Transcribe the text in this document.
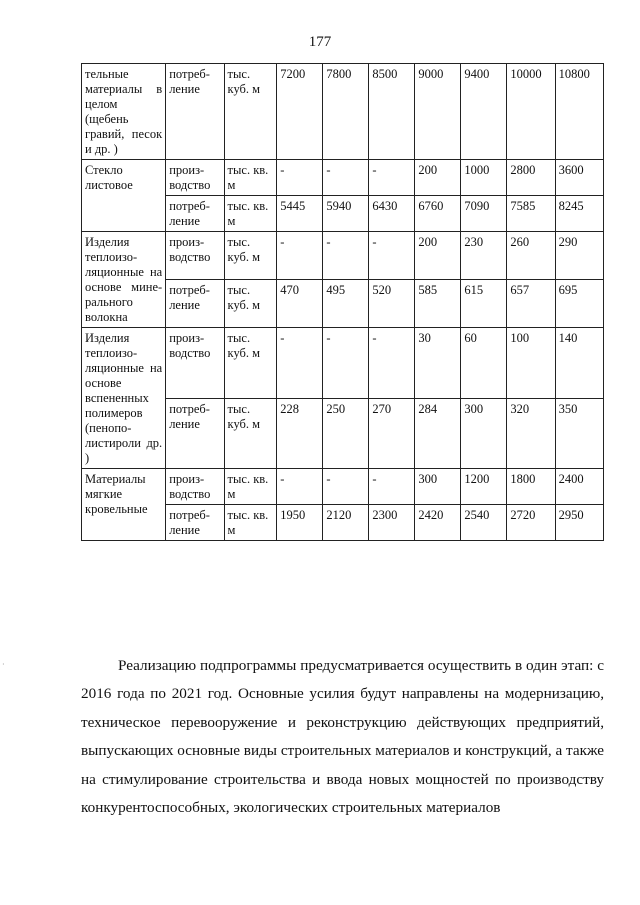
177
тельные материалы в целом (щебень гравий, песок и др. )	потреб-ление	тыс. куб. м	7200	7800	8500	9000	9400	10000	10800
Стекло листовое	произ-водство	тыс. кв. м	-	-	-	200	1000	2800	3600
	потреб-ление	тыс. кв. м	5445	5940	6430	6760	7090	7585	8245
Изделия теплоизо-ляционные на основе мине-рального волокна	произ-водство	тыс. куб. м	-	-	-	200	230	260	290
	потреб-ление	тыс. куб. м	470	495	520	585	615	657	695
Изделия теплоизо-ляционные на основе вспененных полимеров (пенопо-листироли др. )	произ-водство	тыс. куб. м	-	-	-	30	60	100	140
	потреб-ление	тыс. куб. м	228	250	270	284	300	320	350
Материалы мягкие кровельные	произ-водство	тыс. кв. м	-	-	-	300	1200	1800	2400
	потреб-ление	тыс. кв. м	1950	2120	2300	2420	2540	2720	2950

Реализацию подпрограммы предусматривается осуществить в один этап: с 2016 года по 2021 год. Основные усилия будут направлены на модернизацию, техническое перевооружение и реконструкцию действующих предприятий, выпускающих основные виды строительных материалов и конструкций, а также на стимулирование строительства и ввода новых мощностей по производству конкурентоспособных, экологических строительных материалов

·
